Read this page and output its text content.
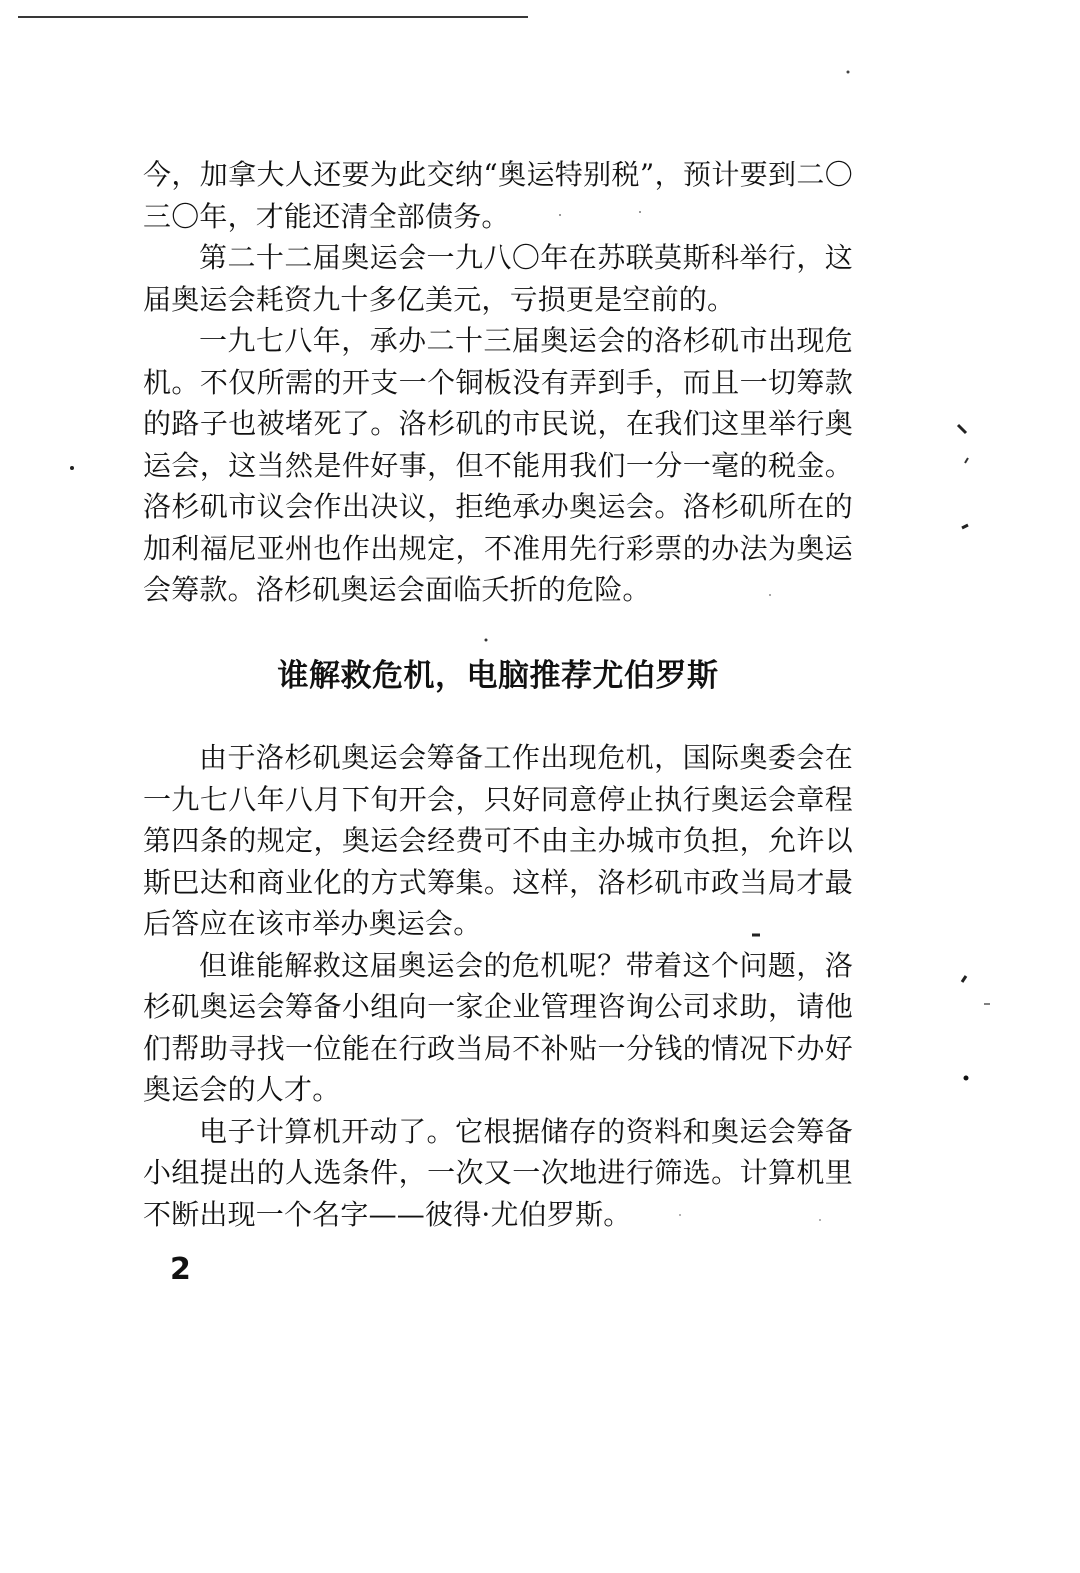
今，加拿大人还要为此交纳“奥运特别税”，预计要到二〇三〇年，才能还清全部债务。

第二十二届奥运会一九八〇年在苏联莫斯科举行，这届奥运会耗资九十多亿美元，亏损更是空前的。

一九七八年，承办二十三届奥运会的洛杉矶市出现危机。不仅所需的开支一个铜板没有弄到手，而且一切筹款的路子也被堵死了。洛杉矶的市民说，在我们这里举行奥运会，这当然是件好事，但不能用我们一分一毫的税金。洛杉矶市议会作出决议，拒绝承办奥运会。洛杉矶所在的加利福尼亚州也作出规定，不准用先行彩票的办法为奥运会筹款。洛杉矶奥运会面临夭折的危险。

谁解救危机，电脑推荐尤伯罗斯

由于洛杉矶奥运会筹备工作出现危机，国际奥委会在一九七八年八月下旬开会，只好同意停止执行奥运会章程第四条的规定，奥运会经费可不由主办城市负担，允许以斯巴达和商业化的方式筹集。这样，洛杉矶市政当局才最后答应在该市举办奥运会。

但谁能解救这届奥运会的危机呢？带着这个问题，洛杉矶奥运会筹备小组向一家企业管理咨询公司求助，请他们帮助寻找一位能在行政当局不补贴一分钱的情况下办好奥运会的人才。

电子计算机开动了。它根据储存的资料和奥运会筹备小组提出的人选条件，一次又一次地进行筛选。计算机里不断出现一个名字——彼得·尤伯罗斯。

2
